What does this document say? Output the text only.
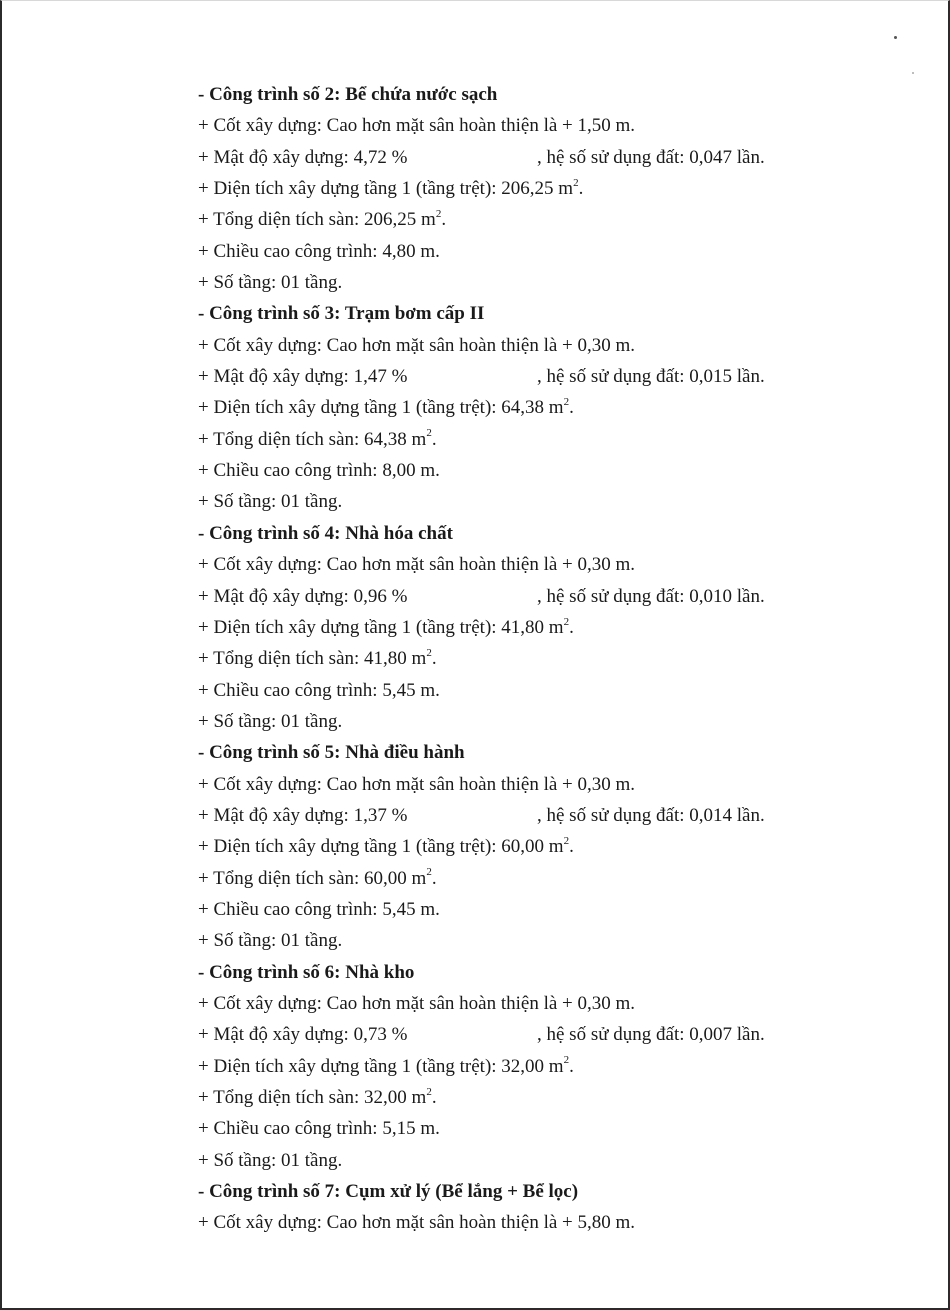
- Công trình số 2: Bể chứa nước sạch
+ Cốt xây dựng: Cao hơn mặt sân hoàn thiện là + 1,50 m.
+ Mật độ xây dựng: 4,72 %	, hệ số sử dụng đất: 0,047 lần.
+ Diện tích xây dựng tầng 1 (tầng trệt): 206,25 $m^2$.
+ Tổng diện tích sàn: 206,25 $m^2$.
+ Chiều cao công trình: 4,80 m.
+ Số tầng: 01 tầng.
- Công trình số 3: Trạm bơm cấp II
+ Cốt xây dựng: Cao hơn mặt sân hoàn thiện là + 0,30 m.
+ Mật độ xây dựng: 1,47 %	, hệ số sử dụng đất: 0,015 lần.
+ Diện tích xây dựng tầng 1 (tầng trệt): 64,38 $m^2$.
+ Tổng diện tích sàn: 64,38 $m^2$.
+ Chiều cao công trình: 8,00 m.
+ Số tầng: 01 tầng.
- Công trình số 4: Nhà hóa chất
+ Cốt xây dựng: Cao hơn mặt sân hoàn thiện là + 0,30 m.
+ Mật độ xây dựng: 0,96 %	, hệ số sử dụng đất: 0,010 lần.
+ Diện tích xây dựng tầng 1 (tầng trệt): 41,80 $m^2$.
+ Tổng diện tích sàn: 41,80 $m^2$.
+ Chiều cao công trình: 5,45 m.
+ Số tầng: 01 tầng.
- Công trình số 5: Nhà điều hành
+ Cốt xây dựng: Cao hơn mặt sân hoàn thiện là + 0,30 m.
+ Mật độ xây dựng: 1,37 %	, hệ số sử dụng đất: 0,014 lần.
+ Diện tích xây dựng tầng 1 (tầng trệt): 60,00 $m^2$.
+ Tổng diện tích sàn: 60,00 $m^2$.
+ Chiều cao công trình: 5,45 m.
+ Số tầng: 01 tầng.
- Công trình số 6: Nhà kho
+ Cốt xây dựng: Cao hơn mặt sân hoàn thiện là + 0,30 m.
+ Mật độ xây dựng: 0,73 %	, hệ số sử dụng đất: 0,007 lần.
+ Diện tích xây dựng tầng 1 (tầng trệt): 32,00 $m^2$.
+ Tổng diện tích sàn: 32,00 $m^2$.
+ Chiều cao công trình: 5,15 m.
+ Số tầng: 01 tầng.
- Công trình số 7: Cụm xử lý (Bể lắng + Bể lọc)
+ Cốt xây dựng: Cao hơn mặt sân hoàn thiện là + 5,80 m.
